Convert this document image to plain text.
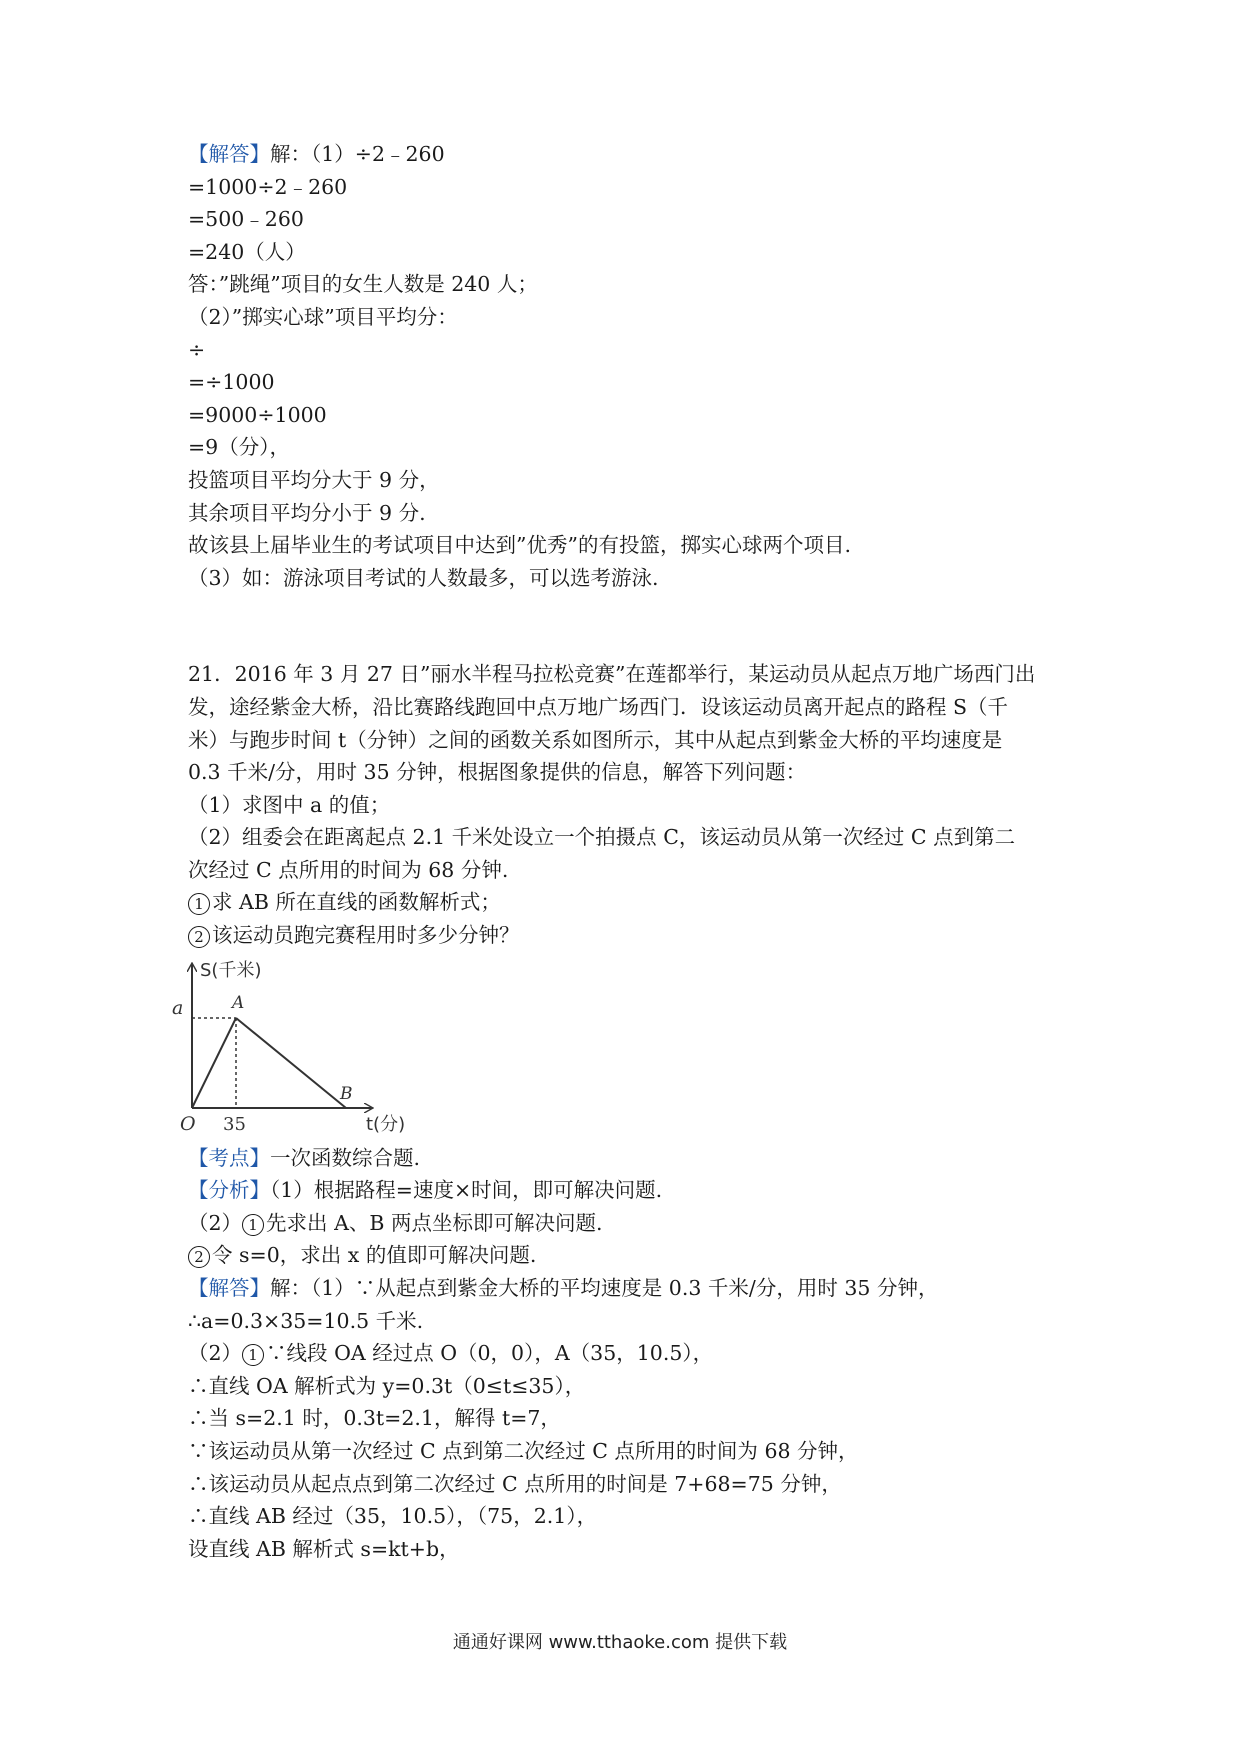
【解答】解：（1）÷2﹣260
=1000÷2﹣260
=500﹣260
=240（人）
答：”跳绳”项目的女生人数是 240 人；
（2）”掷实心球”项目平均分：
÷
=÷1000
=9000÷1000
=9（分），
投篮项目平均分大于 9 分，
其余项目平均分小于 9 分.
故该县上届毕业生的考试项目中达到”优秀”的有投篮，掷实心球两个项目.
（3）如：游泳项目考试的人数最多，可以选考游泳.
21．2016 年 3 月 27 日”丽水半程马拉松竞赛”在莲都举行，某运动员从起点万地广场西门出
发，途经紫金大桥，沿比赛路线跑回中点万地广场西门．设该运动员离开起点的路程 S（千
米）与跑步时间 t（分钟）之间的函数关系如图所示，其中从起点到紫金大桥的平均速度是
0.3 千米/分，用时 35 分钟，根据图象提供的信息，解答下列问题：
（1）求图中 a 的值；
（2）组委会在距离起点 2.1 千米处设立一个拍摄点 C，该运动员从第一次经过 C 点到第二
次经过 C 点所用的时间为 68 分钟.
1 求 AB 所在直线的函数解析式；
2 该运动员跑完赛程用时多少分钟？
S(千米)
a	A
B
O 35	t(分)
【考点】一次函数综合题.
【分析】（1）根据路程=速度×时间，即可解决问题.
（2） 1 先求出 A、B 两点坐标即可解决问题.
2 令 s=0，求出 x 的值即可解决问题.
【解答】解：（1）∵从起点到紫金大桥的平均速度是 0.3 千米/分，用时 35 分钟，
∴a=0.3×35=10.5 千米.
（2） 1 ∵线段 OA 经过点 O（0，0），A（35，10.5），
∴直线 OA 解析式为 y=0.3t（0≤t≤35），
∴当 s=2.1 时，0.3t=2.1，解得 t=7，
∵该运动员从第一次经过 C 点到第二次经过 C 点所用的时间为 68 分钟，
∴该运动员从起点点到第二次经过 C 点所用的时间是 7+68=75 分钟，
∴直线 AB 经过（35，10.5），（75，2.1），
设直线 AB 解析式 s=kt+b，
通通好课网 www.tthaoke.com 提供下载
